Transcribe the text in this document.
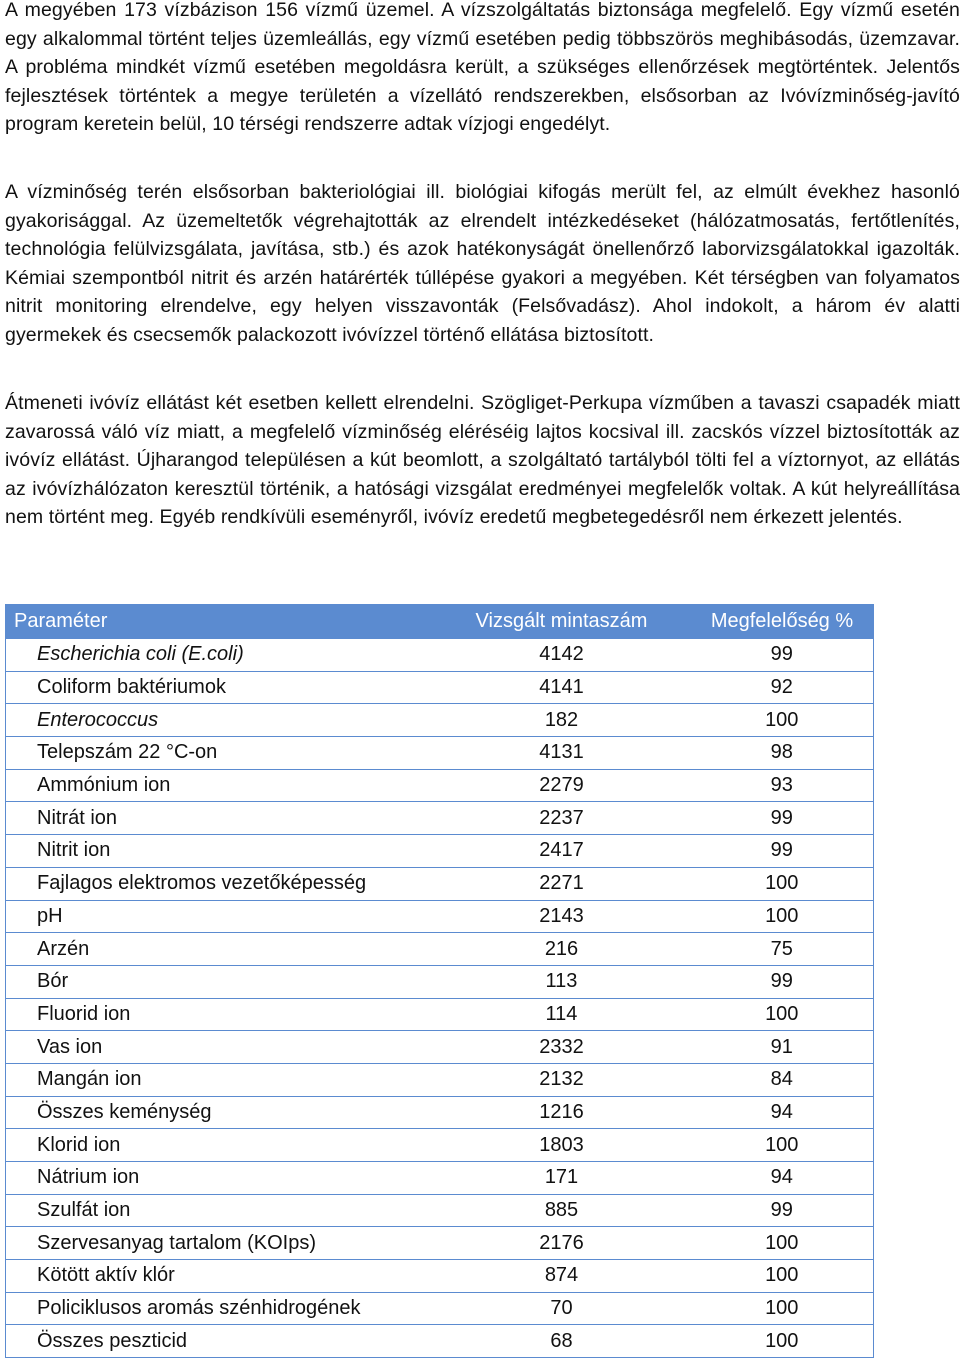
A megyében 173 vízbázison 156 vízmű üzemel. A vízszolgáltatás biztonsága megfelelő. Egy vízmű esetén egy alkalommal történt teljes üzemleállás, egy vízmű esetében pedig többszörös meghibásodás, üzemzavar. A probléma mindkét vízmű esetében megoldásra került, a szükséges ellenőrzések megtörténtek. Jelentős fejlesztések történtek a megye területén a vízellátó rendszerekben, elsősorban az Ivóvízminőség-javító program keretein belül, 10 térségi rendszerre adtak vízjogi engedélyt.

A vízminőség terén elsősorban bakteriológiai ill. biológiai kifogás merült fel, az elmúlt évekhez hasonló gyakorisággal. Az üzemeltetők végrehajtották az elrendelt intézkedéseket (hálózatmosatás, fertőtlenítés, technológia felülvizsgálata, javítása, stb.) és azok hatékonyságát önellenőrző laborvizsgálatokkal igazolták. Kémiai szempontból nitrit és arzén határérték túllépése gyakori a megyében. Két térségben van folyamatos nitrit monitoring elrendelve, egy helyen visszavonták (Felsővadász). Ahol indokolt, a három év alatti gyermekek és csecsemők palackozott ivóvízzel történő ellátása biztosított.

Átmeneti ivóvíz ellátást két esetben kellett elrendelni. Szögliget-Perkupa vízműben a tavaszi csapadék miatt zavarossá váló víz miatt, a megfelelő vízminőség eléréséig lajtos kocsival ill. zacskós vízzel biztosították az ivóvíz ellátást. Újharangod településen a kút beomlott, a szolgáltató tartályból tölti fel a víztornyot, az ellátás az ivóvízhálózaton keresztül történik, a hatósági vizsgálat eredményei megfelelők voltak. A kút helyreállítása nem történt meg. Egyéb rendkívüli eseményről, ivóvíz eredetű megbetegedésről nem érkezett jelentés.

Paraméter	Vizsgált mintaszám	Megfelelőség %
Escherichia coli (E.coli)	4142	99
Coliform baktériumok	4141	92
Enterococcus	182	100
Telepszám 22 °C-on	4131	98
Ammónium ion	2279	93
Nitrát ion	2237	99
Nitrit ion	2417	99
Fajlagos elektromos vezetőképesség	2271	100
pH	2143	100
Arzén	216	75
Bór	113	99
Fluorid ion	114	100
Vas ion	2332	91
Mangán ion	2132	84
Összes keménység	1216	94
Klorid ion	1803	100
Nátrium ion	171	94
Szulfát ion	885	99
Szervesanyag tartalom (KOIps)	2176	100
Kötött aktív klór	874	100
Policiklusos aromás szénhidrogének	70	100
Összes peszticid	68	100
